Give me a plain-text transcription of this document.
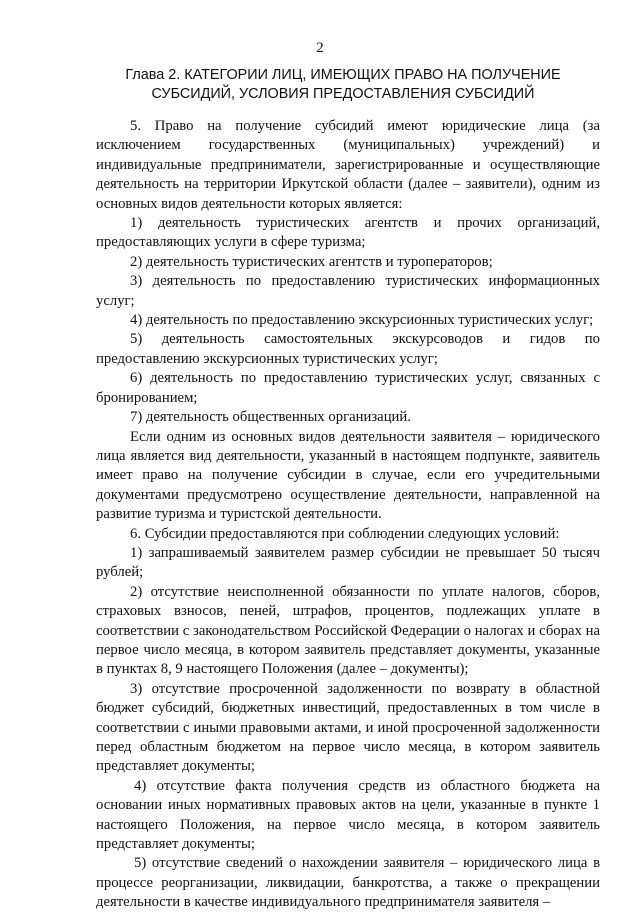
2
Глава 2. КАТЕГОРИИ ЛИЦ, ИМЕЮЩИХ ПРАВО НА ПОЛУЧЕНИЕ
СУБСИДИЙ, УСЛОВИЯ ПРЕДОСТАВЛЕНИЯ СУБСИДИЙ

5. Право на получение субсидий имеют юридические лица (за исключением государственных (муниципальных) учреждений) и индивидуальные предприниматели, зарегистрированные и осуществляющие деятельность на территории Иркутской области (далее – заявители), одним из основных видов деятельности которых является:

1) деятельность туристических агентств и прочих организаций, предоставляющих услуги в сфере туризма;

2) деятельность туристических агентств и туроператоров;

3) деятельность по предоставлению туристических информационных услуг;

4) деятельность по предоставлению экскурсионных туристических услуг;

5) деятельность самостоятельных экскурсоводов и гидов по предоставлению экскурсионных туристических услуг;

6) деятельность по предоставлению туристических услуг, связанных с бронированием;

7) деятельность общественных организаций.

Если одним из основных видов деятельности заявителя – юридического лица является вид деятельности, указанный в настоящем подпункте, заявитель имеет право на получение субсидии в случае, если его учредительными документами предусмотрено осуществление деятельности, направленной на развитие туризма и туристской деятельности.

6. Субсидии предоставляются при соблюдении следующих условий:

1) запрашиваемый заявителем размер субсидии не превышает 50 тысяч рублей;

2) отсутствие неисполненной обязанности по уплате налогов, сборов, страховых взносов, пеней, штрафов, процентов, подлежащих уплате в соответствии с законодательством Российской Федерации о налогах и сборах на первое число месяца, в котором заявитель представляет документы, указанные в пунктах 8, 9 настоящего Положения (далее – документы);

3) отсутствие просроченной задолженности по возврату в областной бюджет субсидий, бюджетных инвестиций, предоставленных в том числе в соответствии с иными правовыми актами, и иной просроченной задолженности перед областным бюджетом на первое число месяца, в котором заявитель представляет документы;

4) отсутствие факта получения средств из областного бюджета на основании иных нормативных правовых актов на цели, указанные в пункте 1 настоящего Положения, на первое число месяца, в котором заявитель представляет документы;

5) отсутствие сведений о нахождении заявителя – юридического лица в процессе реорганизации, ликвидации, банкротства, а также о прекращении деятельности в качестве индивидуального предпринимателя заявителя –
